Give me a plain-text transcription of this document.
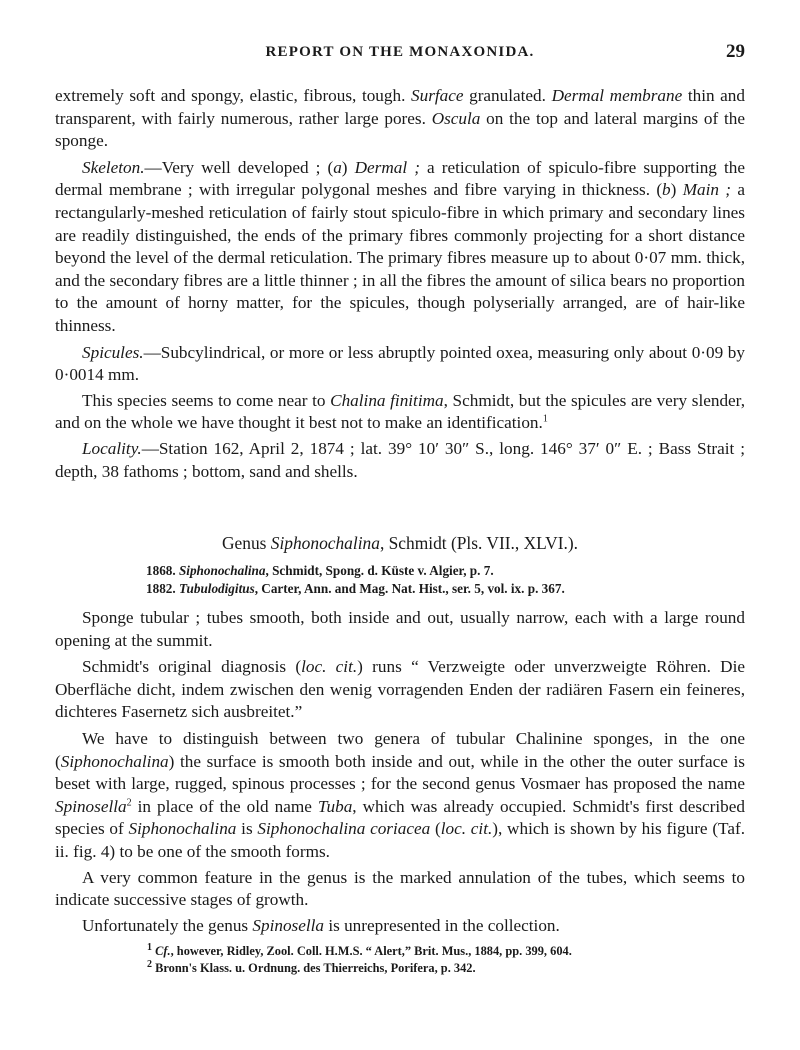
REPORT ON THE MONAXONIDA.	29

extremely soft and spongy, elastic, fibrous, tough. Surface granulated. Dermal membrane thin and transparent, with fairly numerous, rather large pores. Oscula on the top and lateral margins of the sponge.

Skeleton.—Very well developed ; (a) Dermal ; a reticulation of spiculo-fibre supporting the dermal membrane ; with irregular polygonal meshes and fibre varying in thickness. (b) Main ; a rectangularly-meshed reticulation of fairly stout spiculo-fibre in which primary and secondary lines are readily distinguished, the ends of the primary fibres commonly projecting for a short distance beyond the level of the dermal reticulation. The primary fibres measure up to about 0·07 mm. thick, and the secondary fibres are a little thinner ; in all the fibres the amount of silica bears no proportion to the amount of horny matter, for the spicules, though polyserially arranged, are of hair-like thinness.

Spicules.—Subcylindrical, or more or less abruptly pointed oxea, measuring only about 0·09 by 0·0014 mm.

This species seems to come near to Chalina finitima, Schmidt, but the spicules are very slender, and on the whole we have thought it best not to make an identification.$^1$

Locality.—Station 162, April 2, 1874 ; lat. 39° 10′ 30″ S., long. 146° 37′ 0″ E. ; Bass Strait ; depth, 38 fathoms ; bottom, sand and shells.

Genus Siphonochalina, Schmidt (Pls. VII., XLVI.).

1868. Siphonochalina, Schmidt, Spong. d. Küste v. Algier, p. 7.
1882. Tubulodigitus, Carter, Ann. and Mag. Nat. Hist., ser. 5, vol. ix. p. 367.

Sponge tubular ; tubes smooth, both inside and out, usually narrow, each with a large round opening at the summit.

Schmidt's original diagnosis (loc. cit.) runs “ Verzweigte oder unverzweigte Röhren. Die Oberfläche dicht, indem zwischen den wenig vorragenden Enden der radiären Fasern ein feineres, dichteres Fasernetz sich ausbreitet.”

We have to distinguish between two genera of tubular Chalinine sponges, in the one (Siphonochalina) the surface is smooth both inside and out, while in the other the outer surface is beset with large, rugged, spinous processes ; for the second genus Vosmaer has proposed the name Spinosella$^2$ in place of the old name Tuba, which was already occupied. Schmidt's first described species of Siphonochalina is Siphonochalina coriacea (loc. cit.), which is shown by his figure (Taf. ii. fig. 4) to be one of the smooth forms.

A very common feature in the genus is the marked annulation of the tubes, which seems to indicate successive stages of growth.

Unfortunately the genus Spinosella is unrepresented in the collection.

$^1$ Cf., however, Ridley, Zool. Coll. H.M.S. “ Alert,” Brit. Mus., 1884, pp. 399, 604.
$^2$ Bronn's Klass. u. Ordnung. des Thierreichs, Porifera, p. 342.
